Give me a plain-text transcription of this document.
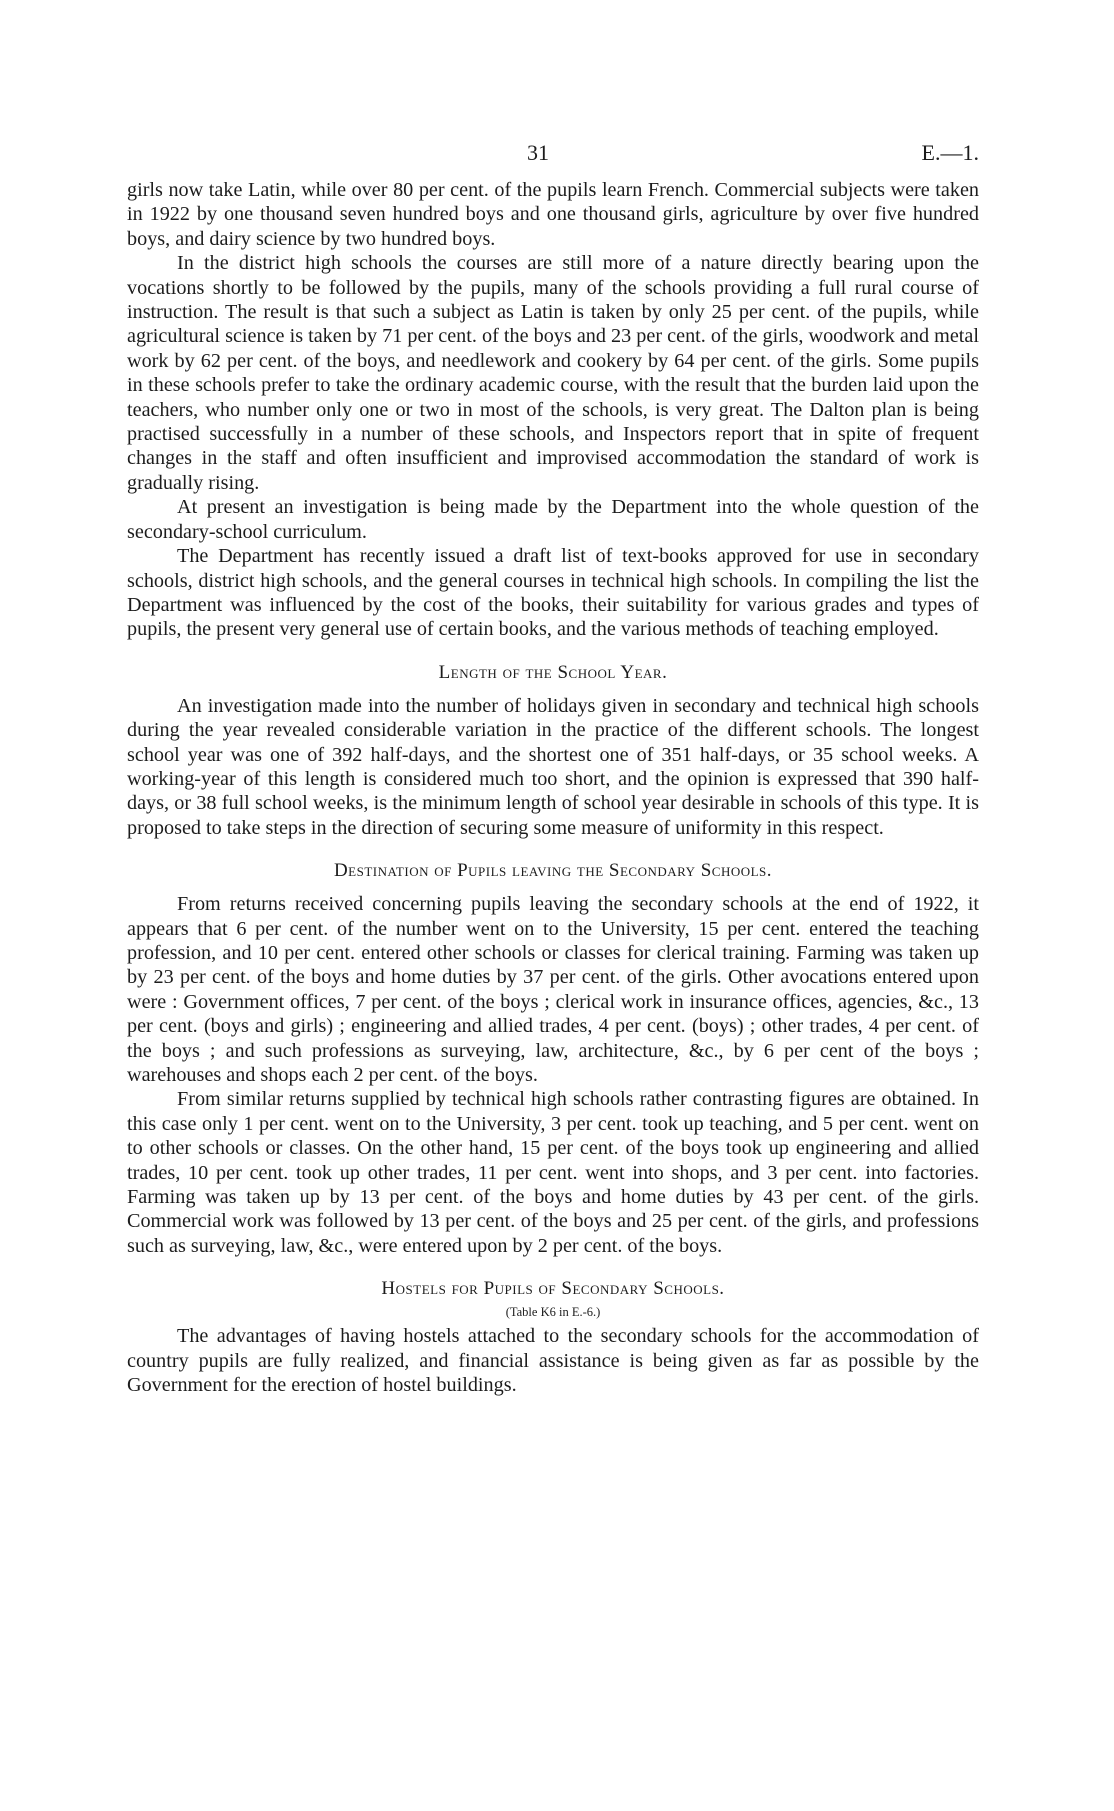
31	E.—1.

girls now take Latin, while over 80 per cent. of the pupils learn French. Commercial subjects were taken in 1922 by one thousand seven hundred boys and one thousand girls, agriculture by over five hundred boys, and dairy science by two hundred boys.

In the district high schools the courses are still more of a nature directly bearing upon the vocations shortly to be followed by the pupils, many of the schools providing a full rural course of instruction. The result is that such a subject as Latin is taken by only 25 per cent. of the pupils, while agricultural science is taken by 71 per cent. of the boys and 23 per cent. of the girls, woodwork and metal work by 62 per cent. of the boys, and needlework and cookery by 64 per cent. of the girls. Some pupils in these schools prefer to take the ordinary academic course, with the result that the burden laid upon the teachers, who number only one or two in most of the schools, is very great. The Dalton plan is being practised successfully in a number of these schools, and Inspectors report that in spite of frequent changes in the staff and often insufficient and improvised accommodation the standard of work is gradually rising.

At present an investigation is being made by the Department into the whole question of the secondary-school curriculum.

The Department has recently issued a draft list of text-books approved for use in secondary schools, district high schools, and the general courses in technical high schools. In compiling the list the Department was influenced by the cost of the books, their suitability for various grades and types of pupils, the present very general use of certain books, and the various methods of teaching employed.

Length of the School Year.

An investigation made into the number of holidays given in secondary and technical high schools during the year revealed considerable variation in the practice of the different schools. The longest school year was one of 392 half-days, and the shortest one of 351 half-days, or 35 school weeks. A working-year of this length is considered much too short, and the opinion is expressed that 390 half-days, or 38 full school weeks, is the minimum length of school year desirable in schools of this type. It is proposed to take steps in the direction of securing some measure of uniformity in this respect.

Destination of Pupils leaving the Secondary Schools.

From returns received concerning pupils leaving the secondary schools at the end of 1922, it appears that 6 per cent. of the number went on to the University, 15 per cent. entered the teaching profession, and 10 per cent. entered other schools or classes for clerical training. Farming was taken up by 23 per cent. of the boys and home duties by 37 per cent. of the girls. Other avocations entered upon were : Government offices, 7 per cent. of the boys ; clerical work in insurance offices, agencies, &c., 13 per cent. (boys and girls) ; engineering and allied trades, 4 per cent. (boys) ; other trades, 4 per cent. of the boys ; and such professions as surveying, law, architecture, &c., by 6 per cent of the boys ; warehouses and shops each 2 per cent. of the boys.

From similar returns supplied by technical high schools rather contrasting figures are obtained. In this case only 1 per cent. went on to the University, 3 per cent. took up teaching, and 5 per cent. went on to other schools or classes. On the other hand, 15 per cent. of the boys took up engineering and allied trades, 10 per cent. took up other trades, 11 per cent. went into shops, and 3 per cent. into factories. Farming was taken up by 13 per cent. of the boys and home duties by 43 per cent. of the girls. Commercial work was followed by 13 per cent. of the boys and 25 per cent. of the girls, and professions such as surveying, law, &c., were entered upon by 2 per cent. of the boys.

Hostels for Pupils of Secondary Schools.
(Table K6 in E.-6.)

The advantages of having hostels attached to the secondary schools for the accommodation of country pupils are fully realized, and financial assistance is being given as far as possible by the Government for the erection of hostel buildings.
